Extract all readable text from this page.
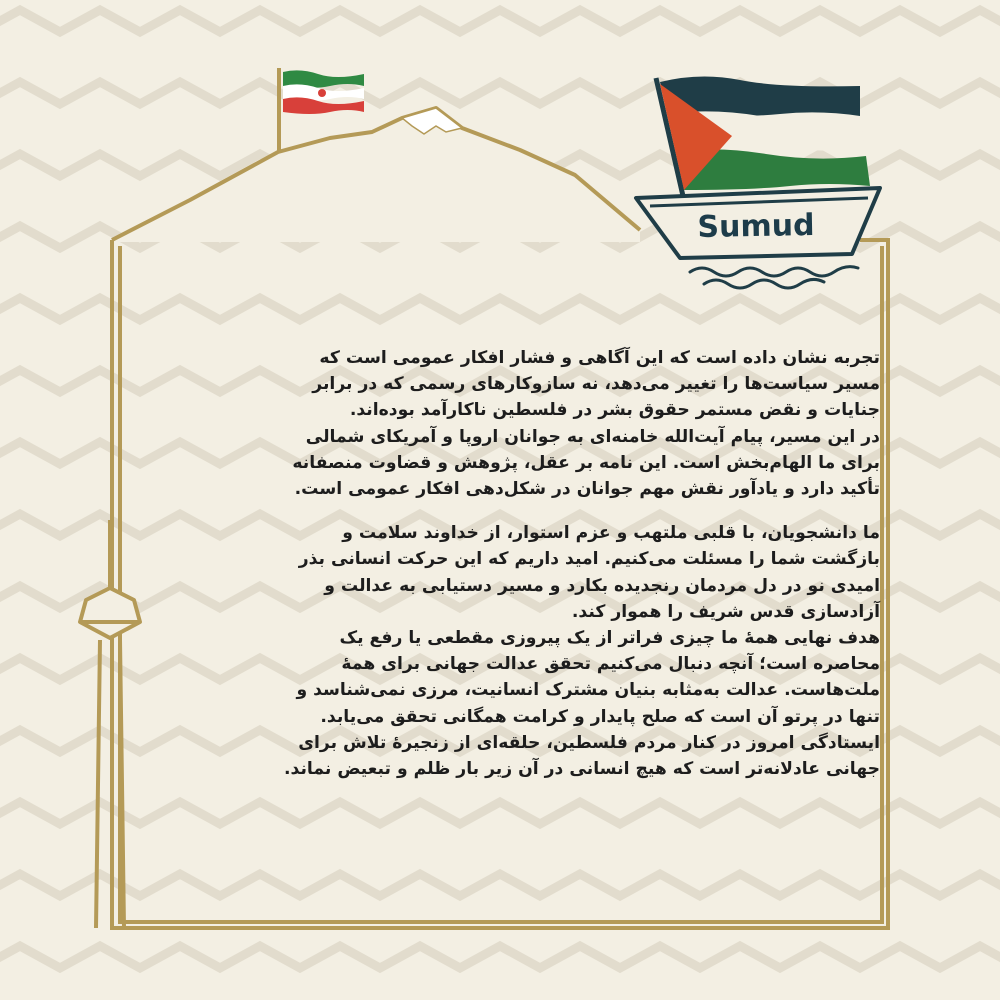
Sumud

تجربه نشان داده است که این آگاهی و فشار افکار عمومی است که

مسیر سیاست‌ها را تغییر می‌دهد، نه سازوکارهای رسمی که در برابر

جنایات و نقض مستمر حقوق بشر در فلسطین ناکارآمد بوده‌اند.

در این مسیر، پیام آیت‌الله خامنه‌ای به جوانان اروپا و آمریکای شمالی

برای ما الهام‌بخش است. این نامه بر عقل، پژوهش و قضاوت منصفانه

تأکید دارد و یادآور نقش مهم جوانان در شکل‌دهی افکار عمومی است.

ما دانشجویان، با قلبی ملتهب و عزم استوار، از خداوند سلامت و

بازگشت شما را مسئلت می‌کنیم. امید داریم که این حرکت انسانی بذر

امیدی نو در دل مردمان رنجدیده بکارد و مسیر دستیابی به عدالت و

آزادسازی قدس شریف را هموار کند.

هدف نهایی همهٔ ما چیزی فراتر از یک پیروزی مقطعی یا رفع یک

محاصره است؛ آنچه دنبال می‌کنیم تحقق عدالت جهانی برای همهٔ

ملت‌هاست. عدالت به‌مثابه بنیان مشترک انسانیت، مرزی نمی‌شناسد و

تنها در پرتو آن است که صلح پایدار و کرامت همگانی تحقق می‌یابد.

ایستادگی امروز در کنار مردم فلسطین، حلقه‌ای از زنجیرهٔ تلاش برای

جهانی عادلانه‌تر است که هیچ انسانی در آن زیر بار ظلم و تبعیض نماند.
